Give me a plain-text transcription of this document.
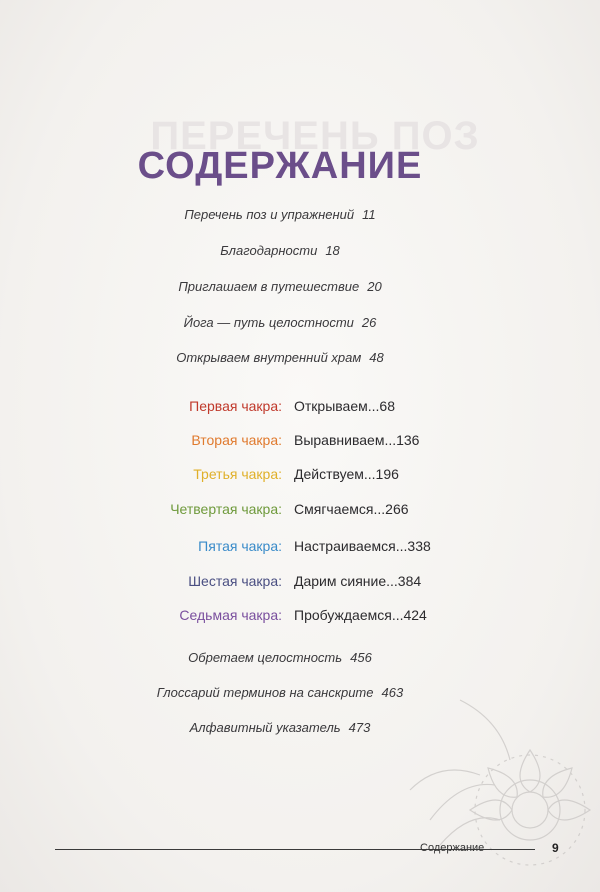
ПЕРЕЧЕНЬ ПОЗ
СОДЕРЖАНИЕ
Перечень поз и упражнений 11
Благодарности 18
Приглашаем в путешествие 20
Йога — путь целостности 26
Открываем внутренний храм 48
Первая чакра: Открываем...68
Вторая чакра: Выравниваем...136
Третья чакра: Действуем...196
Четвертая чакра: Смягчаемся...266
Пятая чакра: Настраиваемся...338
Шестая чакра: Дарим сияние...384
Седьмая чакра: Пробуждаемся...424
Обретаем целостность 456
Глоссарий терминов на санскрите 463
Алфавитный указатель 473
Содержание	9
